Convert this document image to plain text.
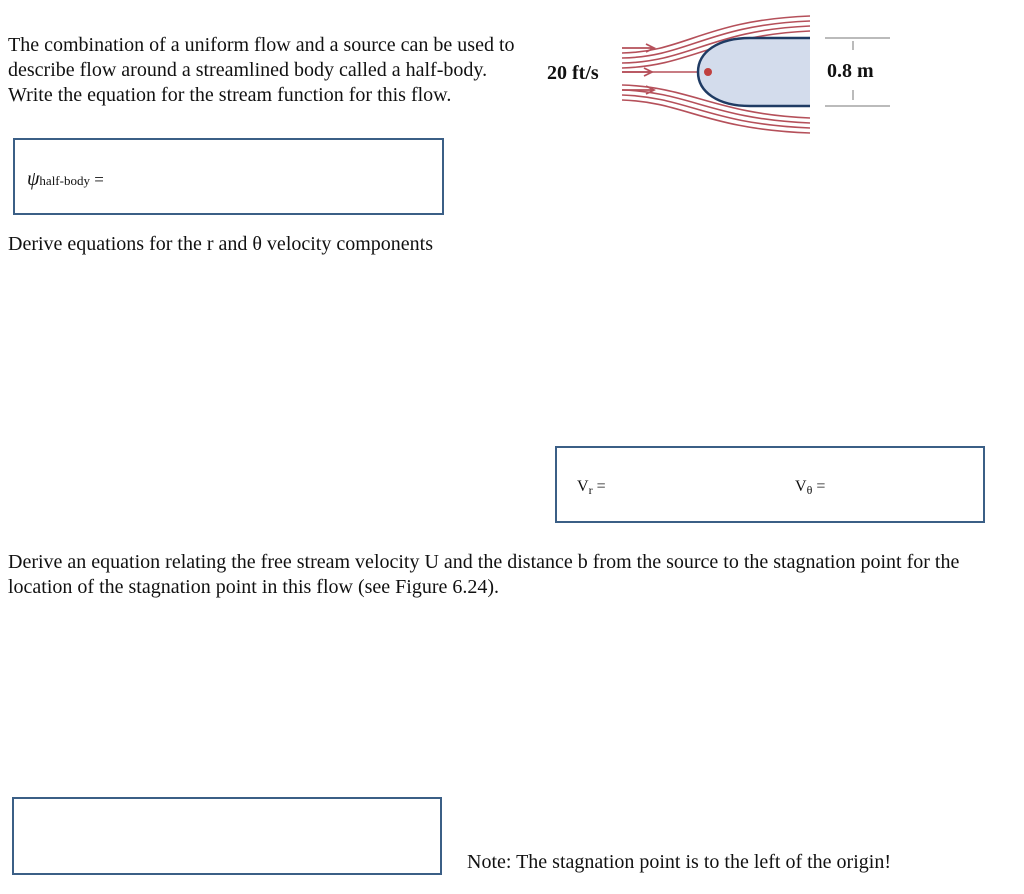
The combination of a uniform flow and a source can be used to describe flow around a streamlined body called a half-body. Write the equation for the stream function for this flow.

20 ft/s	0.8 m
ψhalf-body =

Derive equations for the r and θ velocity components

$V_r$ =	$V_\theta$ =

Derive an equation relating the free stream velocity U and the distance b from the source to the stagnation point for the location of the stagnation point in this flow (see Figure 6.24).

Note: The stagnation point is to the left of the origin!
